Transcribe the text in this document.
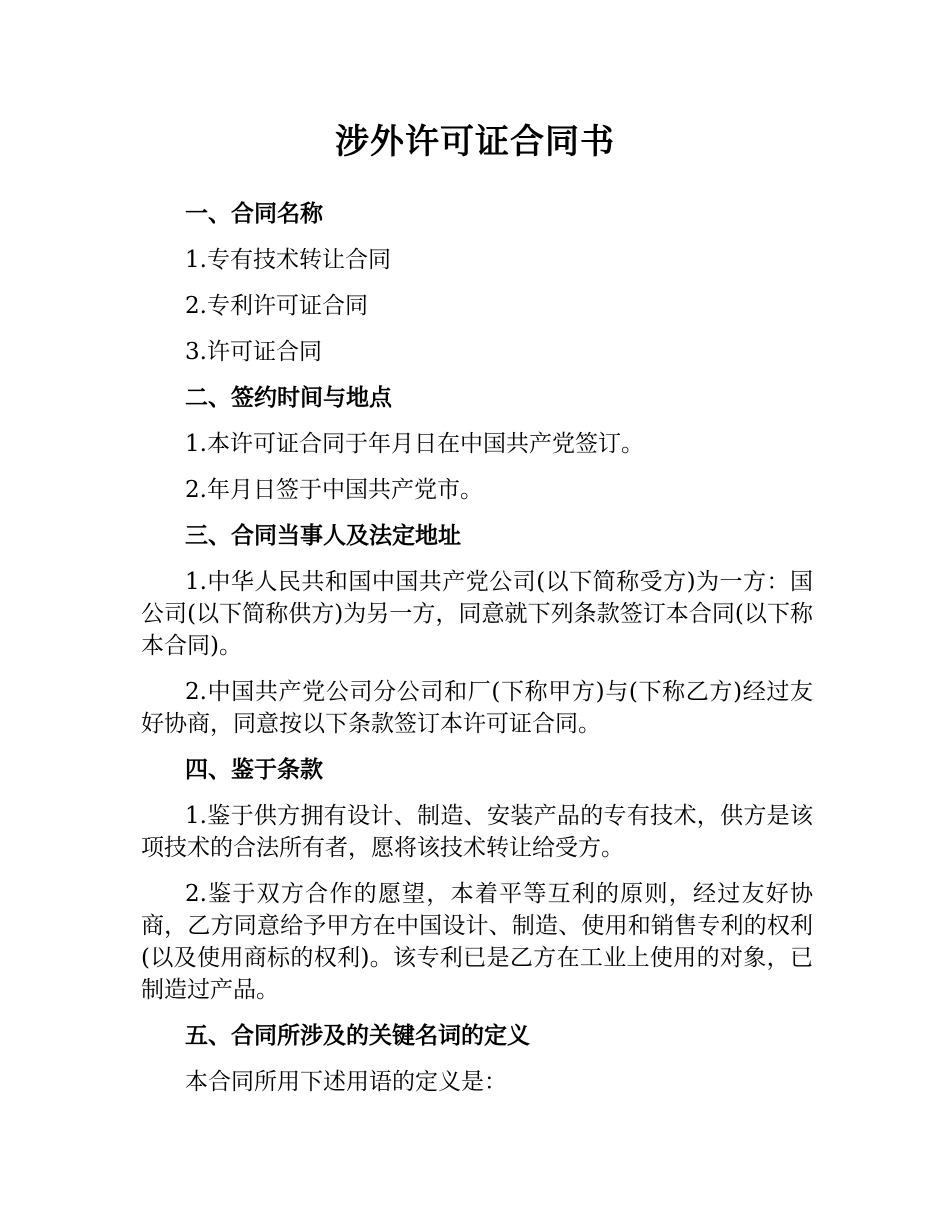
涉外许可证合同书

一、合同名称

1.专有技术转让合同

2.专利许可证合同

3.许可证合同

二、签约时间与地点

1.本许可证合同于年月日在中国共产党签订。

2.年月日签于中国共产党市。

三、合同当事人及法定地址

1.中华人民共和国中国共产党公司(以下简称受方)为一方：国公司(以下简称供方)为另一方，同意就下列条款签订本合同(以下称本合同)。

2.中国共产党公司分公司和厂(下称甲方)与(下称乙方)经过友好协商，同意按以下条款签订本许可证合同。

四、鉴于条款

1.鉴于供方拥有设计、制造、安装产品的专有技术，供方是该项技术的合法所有者，愿将该技术转让给受方。

2.鉴于双方合作的愿望，本着平等互利的原则，经过友好协商，乙方同意给予甲方在中国设计、制造、使用和销售专利的权利(以及使用商标的权利)。该专利已是乙方在工业上使用的对象，已制造过产品。

五、合同所涉及的关键名词的定义

本合同所用下述用语的定义是：
